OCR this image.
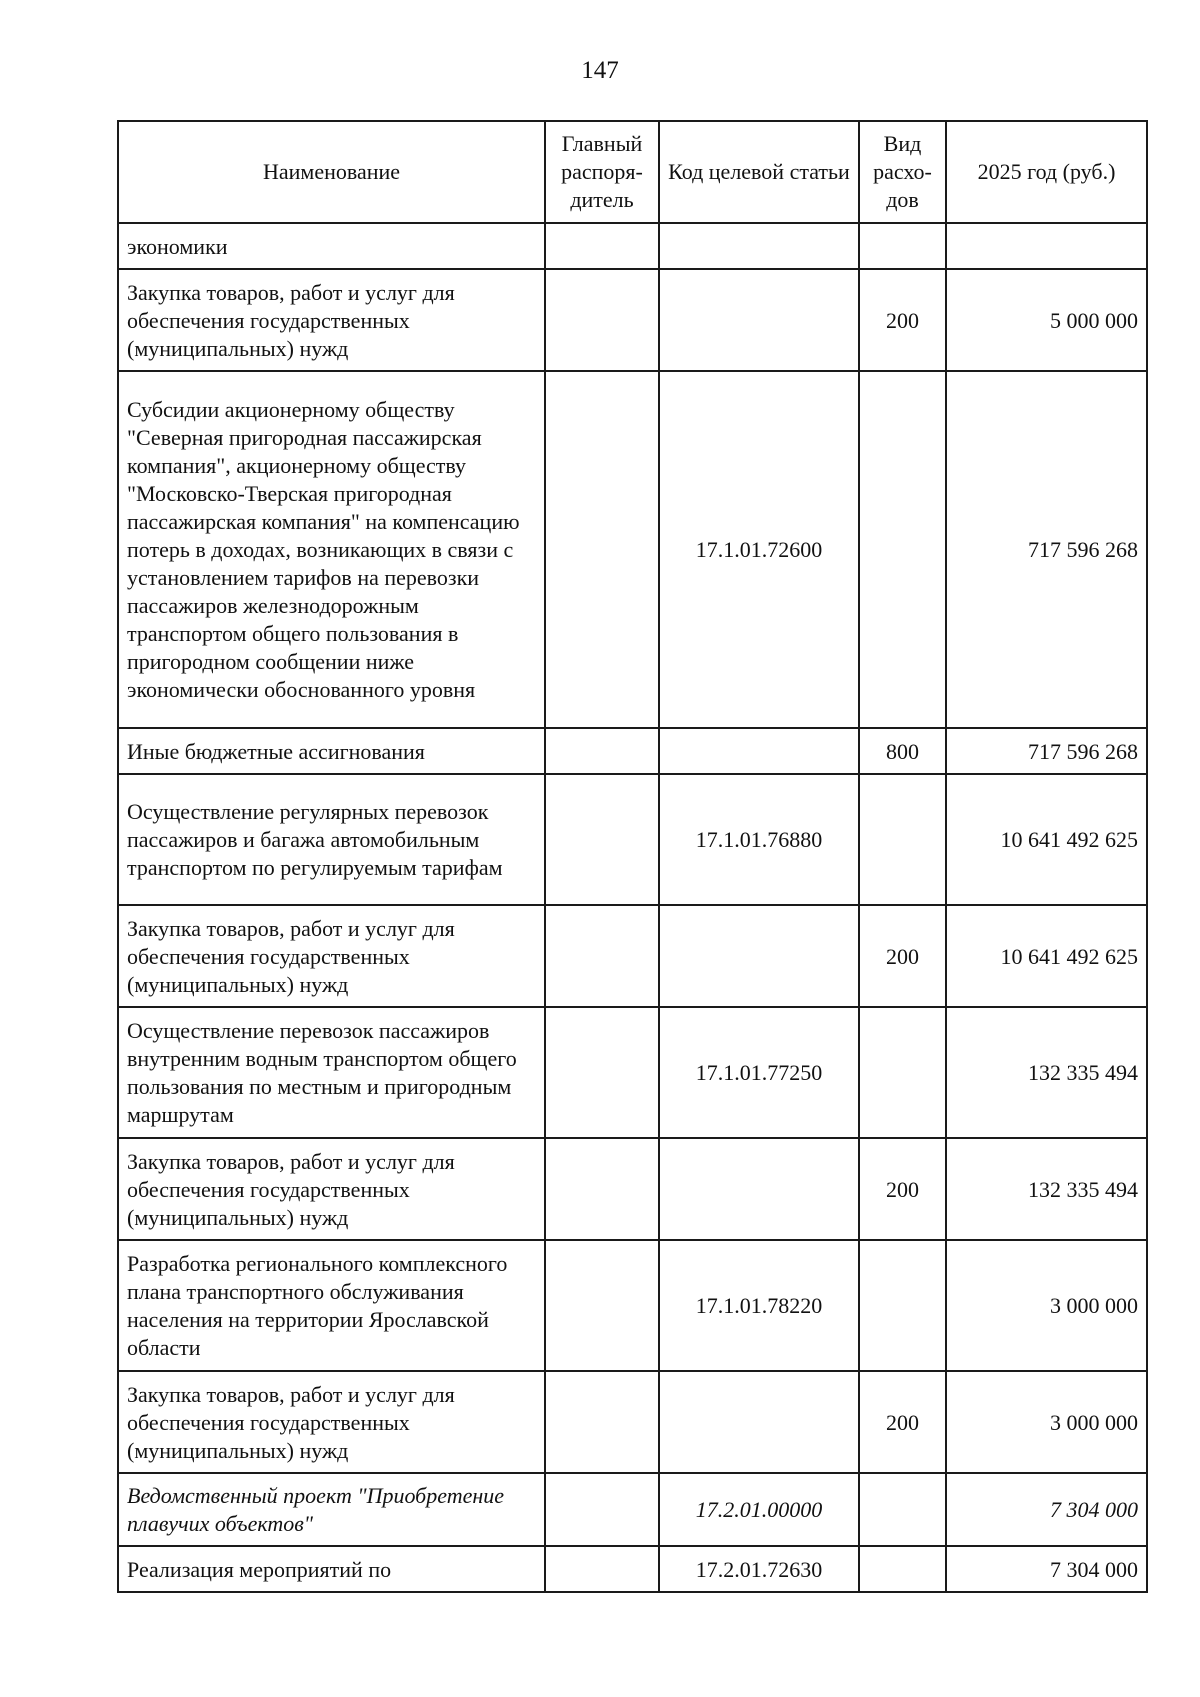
147
Наименование	Главный распоря-дитель	Код целевой статьи	Вид расхо-дов	2025 год (руб.)
экономики				
Закупка товаров, работ и услуг для обеспечения государственных (муниципальных) нужд			200	5 000 000
Субсидии акционерному обществу "Северная пригородная пассажирская компания", акционерному обществу "Московско-Тверская пригородная пассажирская компания" на компенсацию потерь в доходах, возникающих в связи с установлением тарифов на перевозки пассажиров железнодорожным транспортом общего пользования в пригородном сообщении ниже экономически обоснованного уровня		17.1.01.72600		717 596 268
Иные бюджетные ассигнования			800	717 596 268
Осуществление регулярных перевозок пассажиров и багажа автомобильным транспортом по регулируемым тарифам		17.1.01.76880		10 641 492 625
Закупка товаров, работ и услуг для обеспечения государственных (муниципальных) нужд			200	10 641 492 625
Осуществление перевозок пассажиров внутренним водным транспортом общего пользования по местным и пригородным маршрутам		17.1.01.77250		132 335 494
Закупка товаров, работ и услуг для обеспечения государственных (муниципальных) нужд			200	132 335 494
Разработка регионального комплексного плана транспортного обслуживания населения на территории Ярославской области		17.1.01.78220		3 000 000
Закупка товаров, работ и услуг для обеспечения государственных (муниципальных) нужд			200	3 000 000
Ведомственный проект "Приобретение плавучих объектов"		17.2.01.00000		7 304 000
Реализация мероприятий по		17.2.01.72630		7 304 000
